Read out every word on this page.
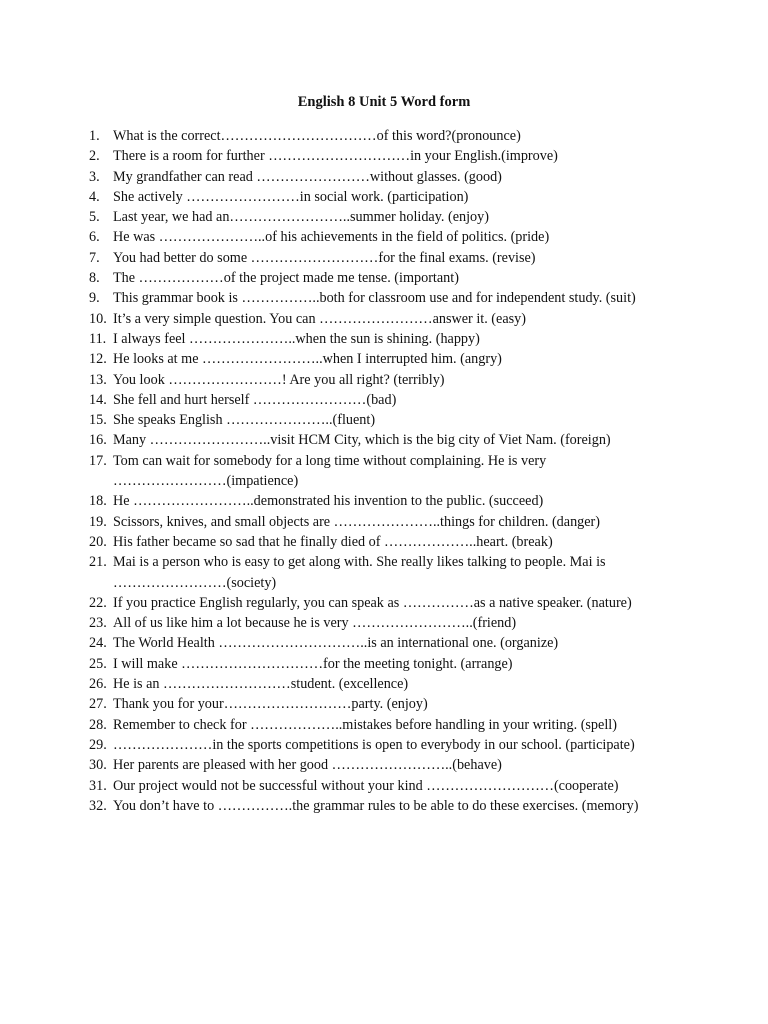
English 8 Unit 5 Word form
1. What is the correct……………………………of this word?(pronounce)
2. There is a room for further …………………………in your English.(improve)
3. My grandfather can read ……………………without glasses. (good)
4. She actively ……………………in social work. (participation)
5. Last year, we had an……………………..summer holiday. (enjoy)
6. He was …………………..of his achievements in the field of politics. (pride)
7. You had better do some ………………………for the final exams. (revise)
8. The ………………of the project made me tense. (important)
9. This grammar book is ……………..both for classroom use and for independent study. (suit)
10. It’s a very simple question. You can ……………………answer it. (easy)
11. I always feel …………………..when the sun is shining. (happy)
12. He looks at me ……………………..when I interrupted him. (angry)
13. You look ……………………! Are you all right? (terribly)
14. She fell and hurt herself ……………………(bad)
15. She speaks English …………………..(fluent)
16. Many ……………………..visit HCM City, which is the big city of Viet Nam. (foreign)
17. Tom can wait for somebody for a long time without complaining. He is very
……………………(impatience)
18. He ……………………..demonstrated his invention to the public. (succeed)
19. Scissors, knives, and small objects are …………………..things for children. (danger)
20. His father became so sad that he finally died of ………………..heart. (break)
21. Mai is a person who is easy to get along with. She really likes talking to people. Mai is
……………………(society)
22. If you practice English regularly, you can speak as ……………as a native speaker. (nature)
23. All of us like him a lot because he is very ……………………..(friend)
24. The World Health …………………………..is an international one. (organize)
25. I will make …………………………for the meeting tonight. (arrange)
26. He is an ………………………student. (excellence)
27. Thank you for your………………………party. (enjoy)
28. Remember to check for ………………..mistakes before handling in your writing. (spell)
29. …………………in the sports competitions is open to everybody in our school. (participate)
30. Her parents are pleased with her good ……………………..(behave)
31. Our project would not be successful without your kind ………………………(cooperate)
32. You don’t have to …………….the grammar rules to be able to do these exercises. (memory)
